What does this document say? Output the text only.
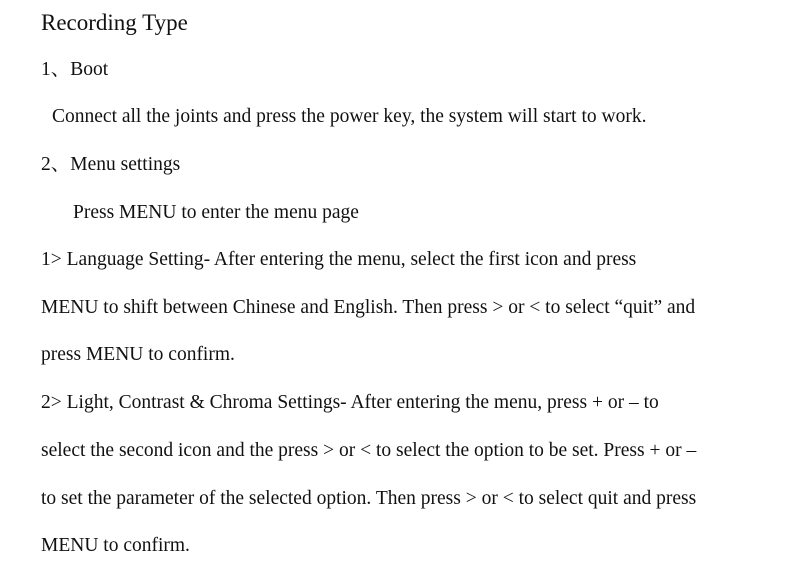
Recording Type
1、Boot
Connect all the joints and press the power key, the system will start to work.
2、Menu settings
Press MENU to enter the menu page
1> Language Setting- After entering the menu, select the first icon and press
MENU to shift between Chinese and English. Then press > or < to select “quit” and
press MENU to confirm.
2> Light, Contrast & Chroma Settings- After entering the menu, press + or – to
select the second icon and the press > or < to select the option to be set. Press + or –
to set the parameter of the selected option. Then press > or < to select quit and press
MENU to confirm.
